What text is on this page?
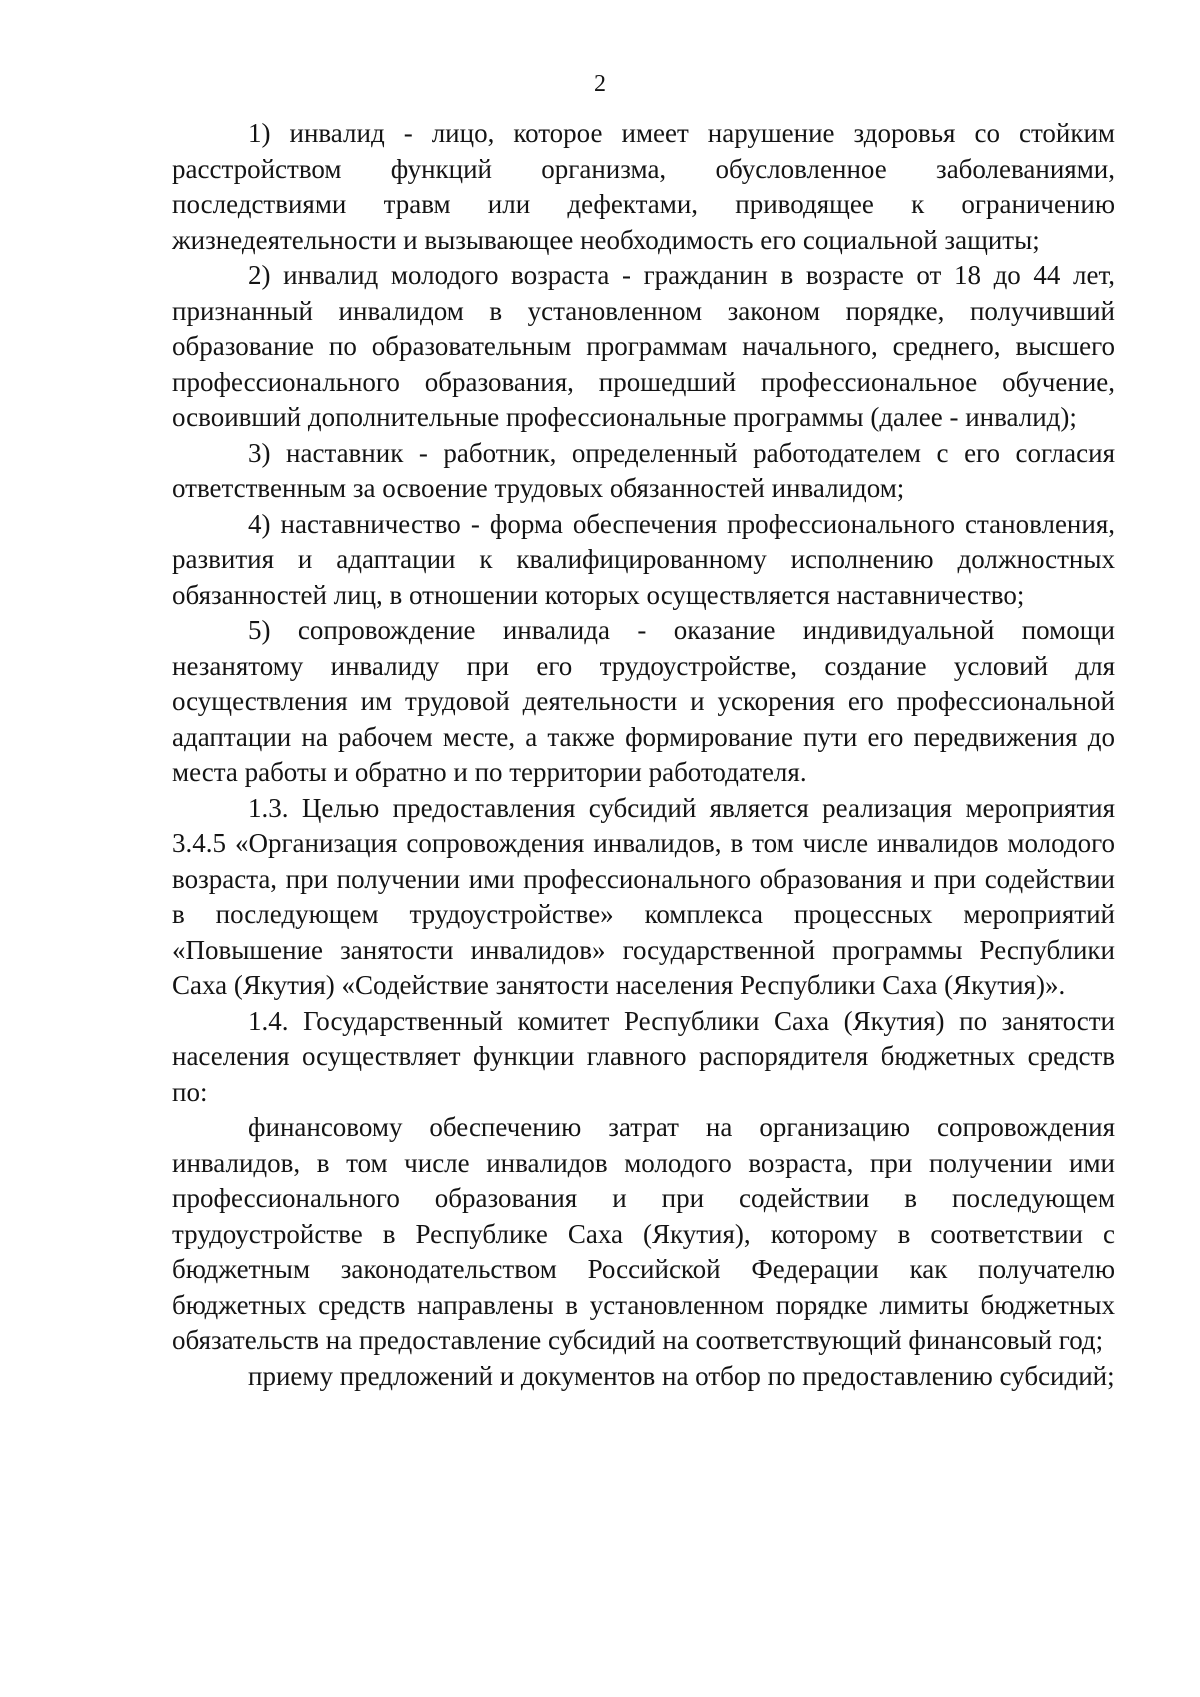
2

1) инвалид - лицо, которое имеет нарушение здоровья со стойким расстройством функций организма, обусловленное заболеваниями, последствиями травм или дефектами, приводящее к ограничению жизнедеятельности и вызывающее необходимость его социальной защиты;

2) инвалид молодого возраста - гражданин в возрасте от 18 до 44 лет, признанный инвалидом в установленном законом порядке, получивший образование по образовательным программам начального, среднего, высшего профессионального образования, прошедший профессиональное обучение, освоивший дополнительные профессиональные программы (далее - инвалид);

3) наставник - работник, определенный работодателем с его согласия ответственным за освоение трудовых обязанностей инвалидом;

4) наставничество - форма обеспечения профессионального становления, развития и адаптации к квалифицированному исполнению должностных обязанностей лиц, в отношении которых осуществляется наставничество;

5) сопровождение инвалида - оказание индивидуальной помощи незанятому инвалиду при его трудоустройстве, создание условий для осуществления им трудовой деятельности и ускорения его профессиональной адаптации на рабочем месте, а также формирование пути его передвижения до места работы и обратно и по территории работодателя.

1.3. Целью предоставления субсидий является реализация мероприятия 3.4.5 «Организация сопровождения инвалидов, в том числе инвалидов молодого возраста, при получении ими профессионального образования и при содействии в последующем трудоустройстве» комплекса процессных мероприятий «Повышение занятости инвалидов» государственной программы Республики Саха (Якутия) «Содействие занятости населения Республики Саха (Якутия)».

1.4. Государственный комитет Республики Саха (Якутия) по занятости населения осуществляет функции главного распорядителя бюджетных средств по:

финансовому обеспечению затрат на организацию сопровождения инвалидов, в том числе инвалидов молодого возраста, при получении ими профессионального образования и при содействии в последующем трудоустройстве в Республике Саха (Якутия), которому в соответствии с бюджетным законодательством Российской Федерации как получателю бюджетных средств направлены в установленном порядке лимиты бюджетных обязательств на предоставление субсидий на соответствующий финансовый год;

приему предложений и документов на отбор по предоставлению субсидий;
